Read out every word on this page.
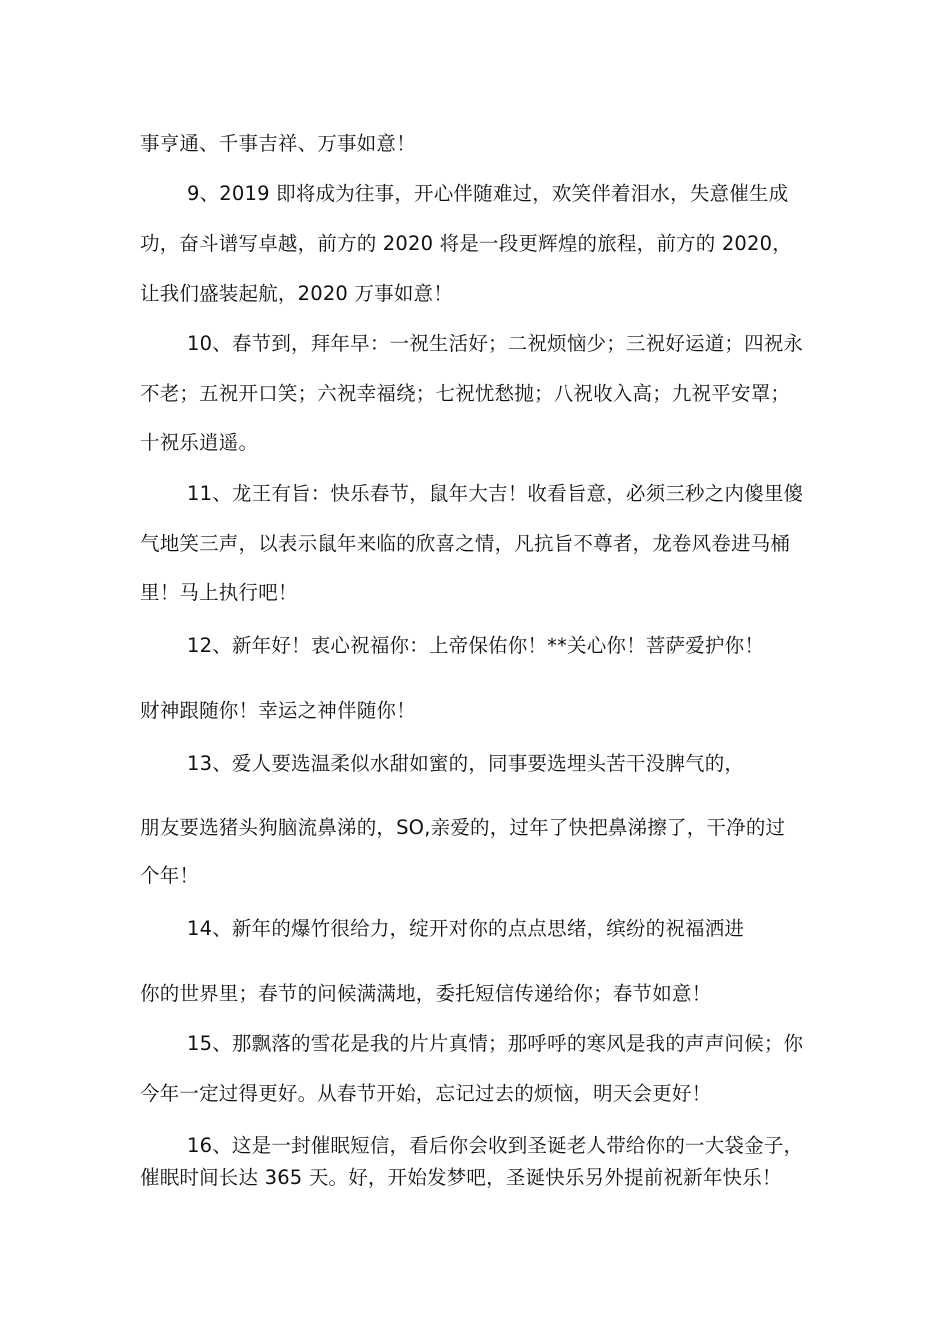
事亨通、千事吉祥、万事如意！
9、2019 即将成为往事，开心伴随难过，欢笑伴着泪水，失意催生成
功，奋斗谱写卓越，前方的 2020 将是一段更辉煌的旅程，前方的 2020，
让我们盛装起航，2020 万事如意！
10、春节到，拜年早：一祝生活好；二祝烦恼少；三祝好运道；四祝永
不老；五祝开口笑；六祝幸福绕；七祝忧愁抛；八祝收入高；九祝平安罩；
十祝乐逍遥。
11、龙王有旨：快乐春节，鼠年大吉！收看旨意，必须三秒之内傻里傻
气地笑三声，以表示鼠年来临的欣喜之情，凡抗旨不尊者，龙卷风卷进马桶
里！马上执行吧！
12、新年好！衷心祝福你：上帝保佑你！**关心你！菩萨爱护你！
财神跟随你！幸运之神伴随你！
13、爱人要选温柔似水甜如蜜的，同事要选埋头苦干没脾气的，
朋友要选猪头狗脑流鼻涕的，SO,亲爱的，过年了快把鼻涕擦了，干净的过
个年！
14、新年的爆竹很给力，绽开对你的点点思绪，缤纷的祝福洒进
你的世界里；春节的问候满满地，委托短信传递给你；春节如意！
15、那飘落的雪花是我的片片真情；那呼呼的寒风是我的声声问候；你
今年一定过得更好。从春节开始，忘记过去的烦恼，明天会更好！
16、这是一封催眠短信，看后你会收到圣诞老人带给你的一大袋金子，
催眠时间长达 365 天。好，开始发梦吧，圣诞快乐另外提前祝新年快乐！
